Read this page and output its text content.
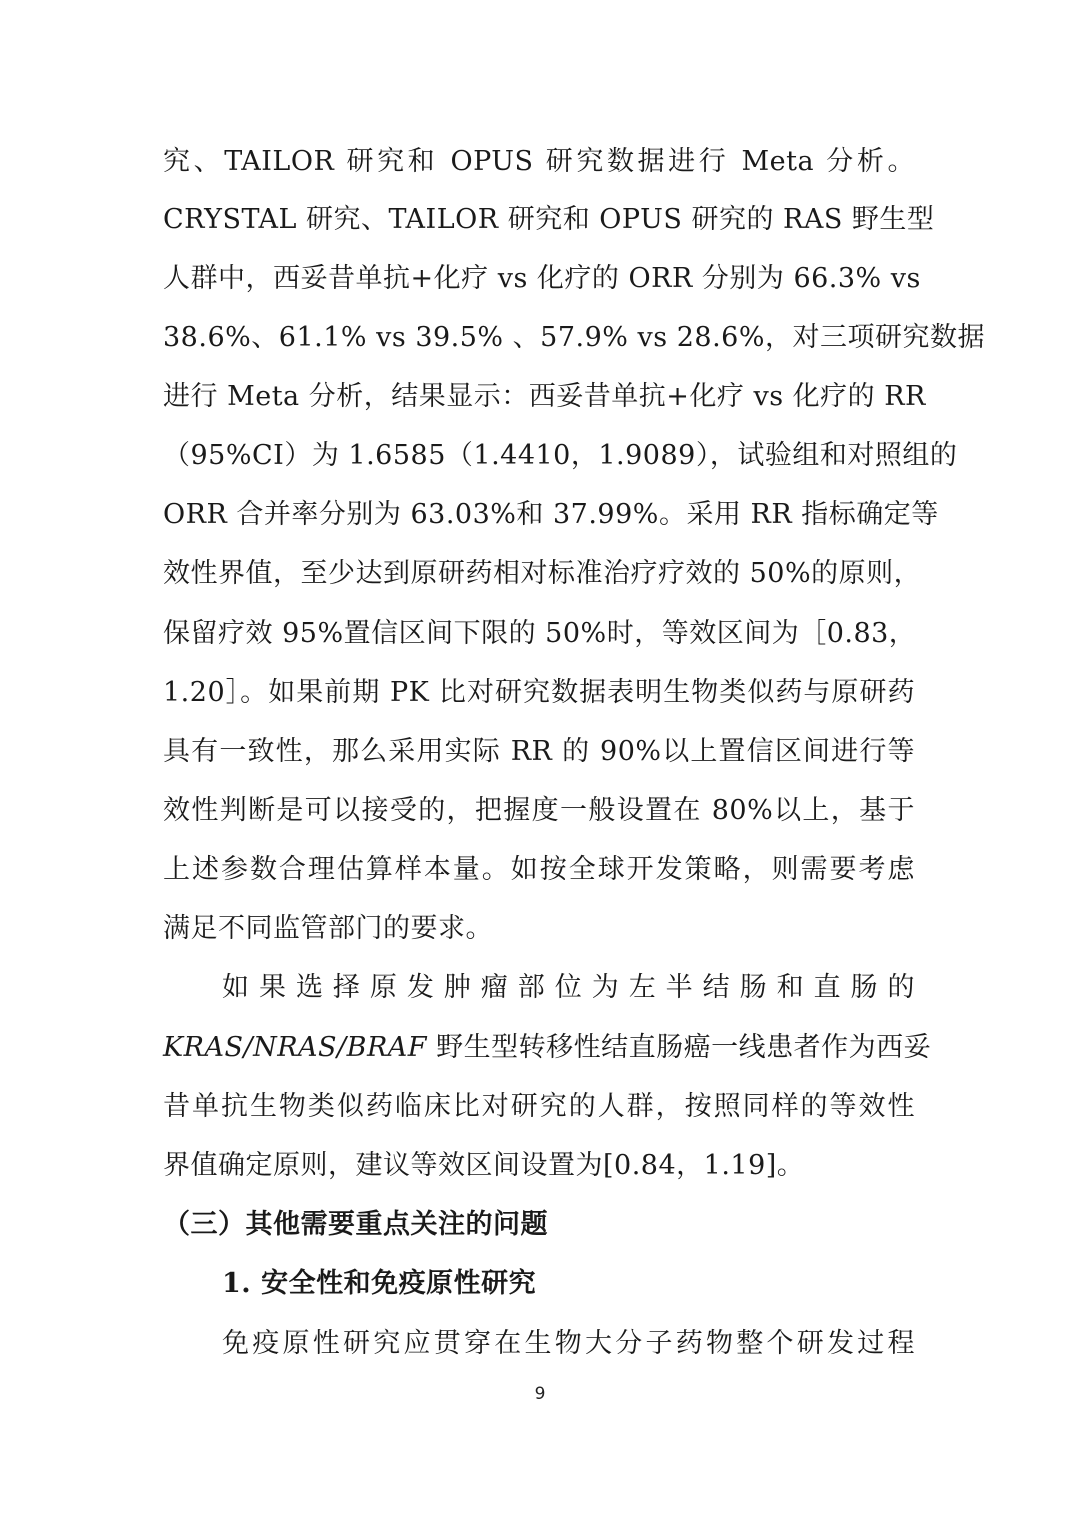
究、TAILOR 研究和 OPUS 研究数据进行 Meta 分析。
CRYSTAL 研究、TAILOR 研究和 OPUS 研究的 RAS 野生型
人群中，西妥昔单抗+化疗 vs 化疗的 ORR 分别为 66.3% vs
38.6%、61.1% vs 39.5% 、57.9% vs 28.6%，对三项研究数据
进行 Meta 分析，结果显示：西妥昔单抗+化疗 vs 化疗的 RR
（95%CI）为 1.6585（1.4410，1.9089），试验组和对照组的
ORR 合并率分别为 63.03%和 37.99%。采用 RR 指标确定等
效性界值，至少达到原研药相对标准治疗疗效的 50%的原则，
保留疗效 95%置信区间下限的 50%时，等效区间为［0.83，
1.20］。如果前期 PK 比对研究数据表明生物类似药与原研药
具有一致性，那么采用实际 RR 的 90%以上置信区间进行等
效性判断是可以接受的，把握度一般设置在 80%以上，基于
上述参数合理估算样本量。如按全球开发策略，则需要考虑
满足不同监管部门的要求。
如果选择原发肿瘤部位为左半结肠和直肠的
KRAS/NRAS/BRAF 野生型转移性结直肠癌一线患者作为西妥
昔单抗生物类似药临床比对研究的人群，按照同样的等效性
界值确定原则，建议等效区间设置为[0.84，1.19]。
（三）其他需要重点关注的问题
1. 安全性和免疫原性研究
免疫原性研究应贯穿在生物大分子药物整个研发过程
9
